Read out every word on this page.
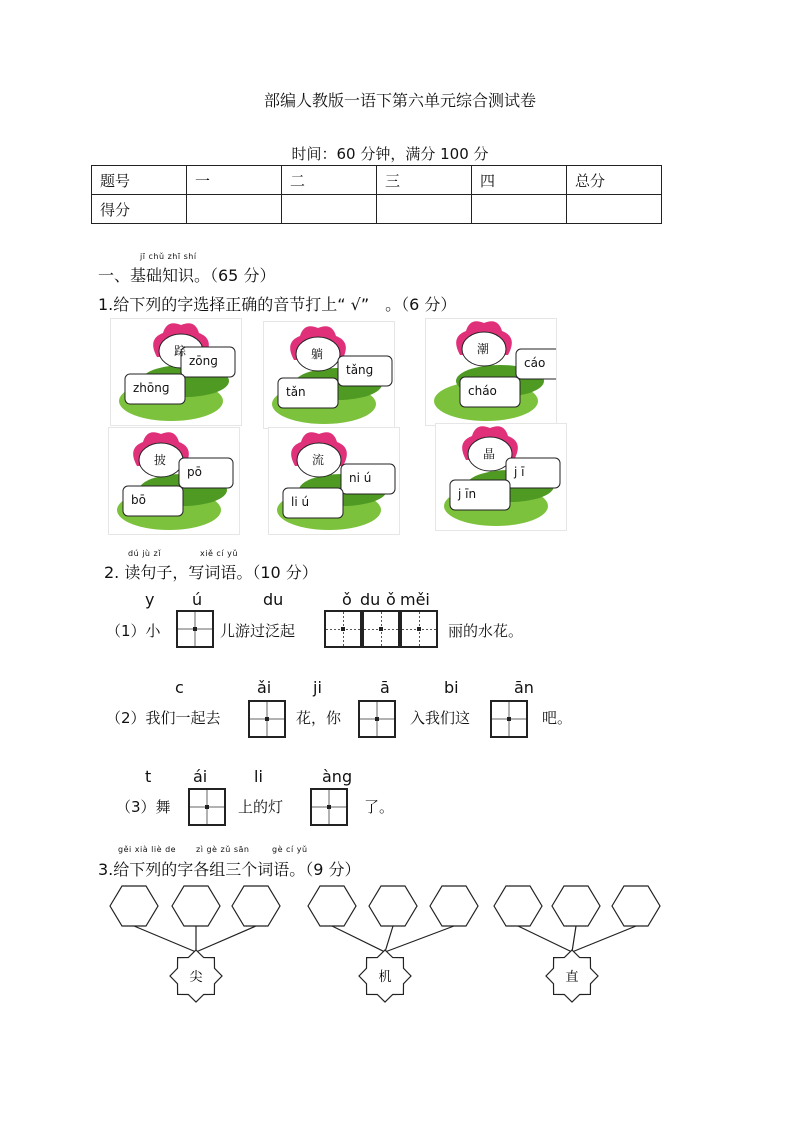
部编人教版一语下第六单元综合测试卷
时间：60 分钟，满分 100 分
题号	一	二	三	四	总分
得分					
jī chǔ zhī shí
一、基础知识。（65 分）
1.给下列的字选择正确的音节打上“ √”　。（6 分）
踪
zōnɡ
zhōnɡ
躺
tǎnɡ
tǎn
潮
cáo
cháo
披
pō
bō
流
ni ú
li ú
晶
j ī
j īn
dú jù zǐ	xiě cí yǔ
2. 读句子，写词语。（10 分）
y ú	du	ǒ du ǒ měi
（1）小	儿游过泛起	丽的水花。
c	ǎi	ji	ā	bi	ān
（2）我们一起去	花，你	入我们这	吧。
t	ái	li	àng
（3）舞	上的灯	了。
gěi xià liè de zì gè zǔ sān	gè cí yǔ
3.给下列的字各组三个词语。（9 分）
尖	机	直
